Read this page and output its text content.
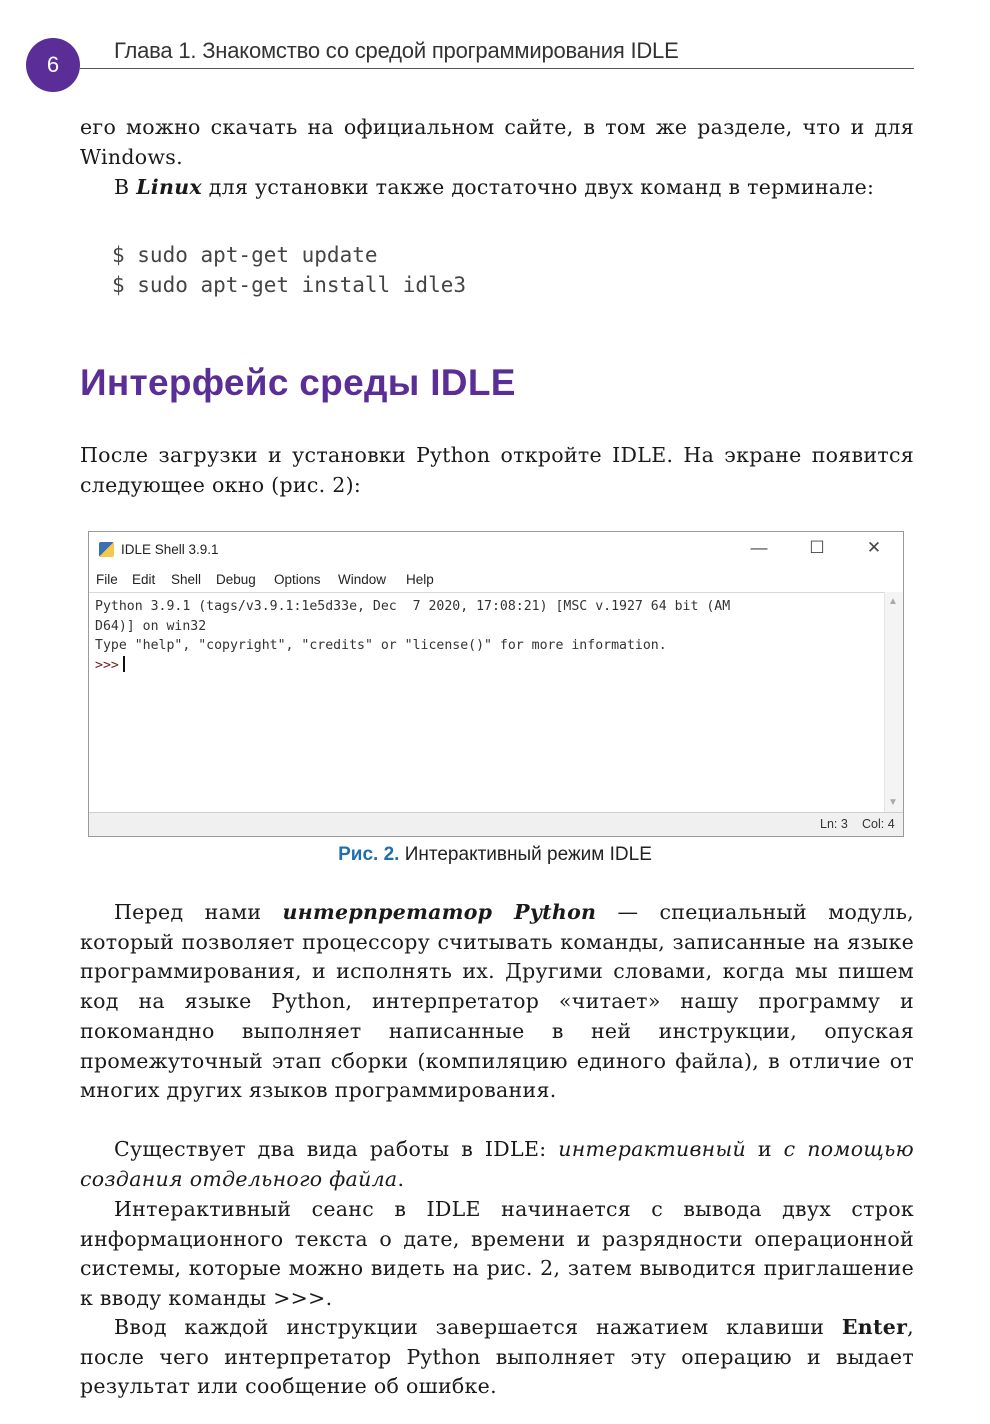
6
Глава 1. Знакомство со средой программирования IDLE

его можно скачать на официальном сайте, в том же разделе, что и для Windows.

В Linux для установки также достаточно двух команд в терминале:

$ sudo apt-get update
$ sudo apt-get install idle3
Интерфейс среды IDLE

После загрузки и установки Python откройте IDLE. На экране появится следующее окно (рис. 2):

IDLE Shell 3.9.1	— ☐ ✕
File Edit Shell Debug Options Window Help
Python 3.9.1 (tags/v3.9.1:1e5d33e, Dec  7 2020, 17:08:21) [MSC v.1927 64 bit (AM
D64)] on win32
Type "help", "copyright", "credits" or "license()" for more information.
>>>
▲
▼
Ln: 3 Col: 4
Рис. 2. Интерактивный режим IDLE

Перед нами интерпретатор Python — специальный модуль, который позволяет процессору считывать команды, записанные на языке программирования, и исполнять их. Другими словами, когда мы пишем код на языке Python, интерпретатор «читает» нашу программу и покомандно выполняет написанные в ней инструкции, опуская промежуточный этап сборки (компиляцию единого файла), в отличие от многих других языков программирования.

Существует два вида работы в IDLE: интерактивный и с помощью создания отдельного файла.

Интерактивный сеанс в IDLE начинается с вывода двух строк информационного текста о дате, времени и разрядности операционной системы, которые можно видеть на рис. 2, затем выводится приглашение к вводу команды >>>.

Ввод каждой инструкции завершается нажатием клавиши Enter, после чего интерпретатор Python выполняет эту операцию и выдает результат или сообщение об ошибке.
